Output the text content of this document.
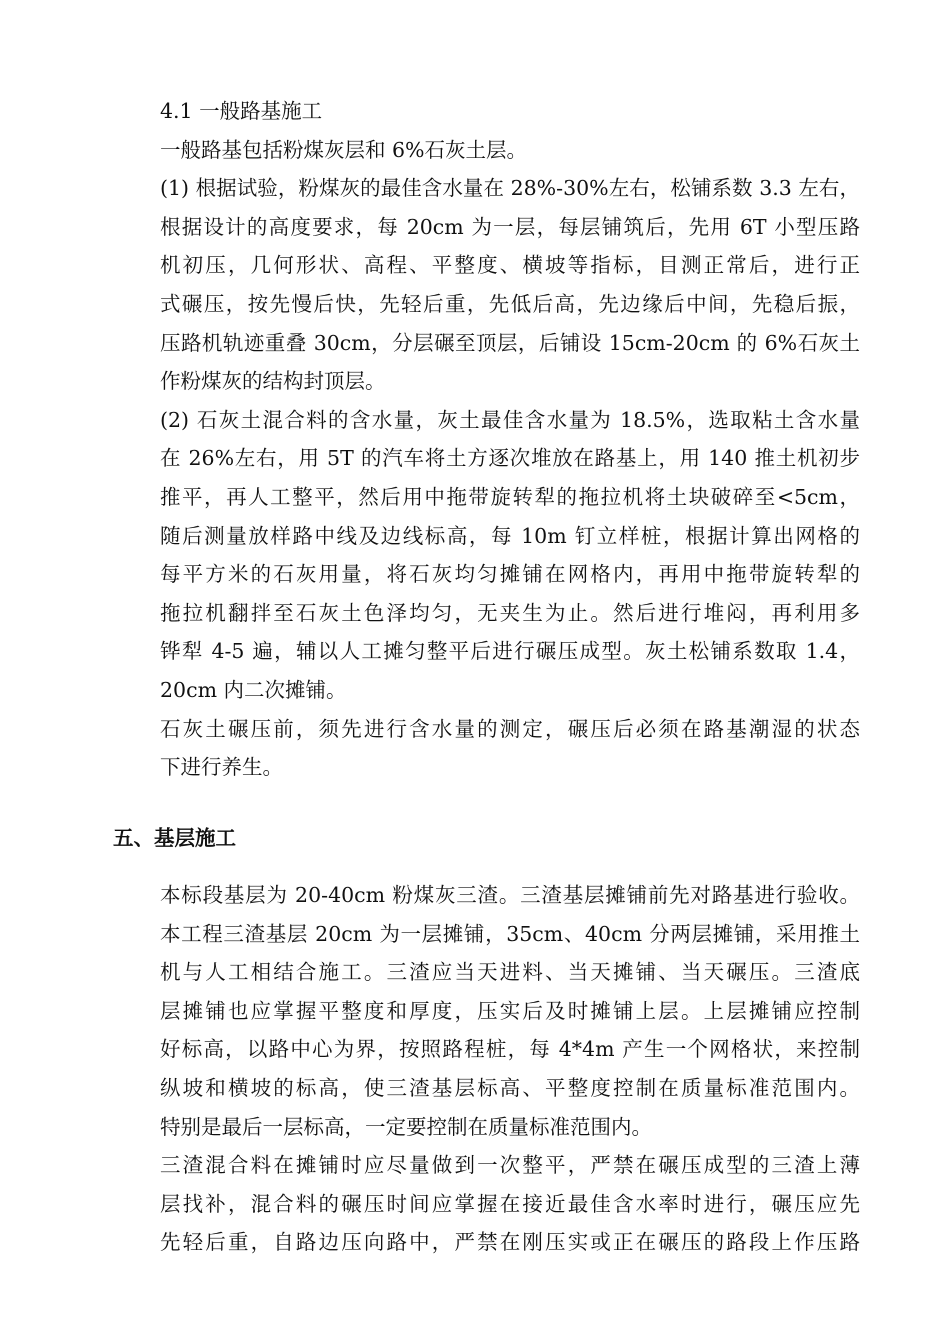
4.1 一般路基施工
一般路基包括粉煤灰层和 6%石灰土层。
(1) 根据试验，粉煤灰的最佳含水量在 28%-30%左右，松铺系数 3.3 左右，
根据设计的高度要求，每 20cm 为一层，每层铺筑后，先用 6T 小型压路
机初压，几何形状、高程、平整度、横坡等指标，目测正常后，进行正
式碾压，按先慢后快，先轻后重，先低后高，先边缘后中间，先稳后振，
压路机轨迹重叠 30cm，分层碾至顶层，后铺设 15cm-20cm 的 6%石灰土
作粉煤灰的结构封顶层。
(2) 石灰土混合料的含水量，灰土最佳含水量为 18.5%，选取粘土含水量
在 26%左右，用 5T 的汽车将土方逐次堆放在路基上，用 140 推土机初步
推平，再人工整平，然后用中拖带旋转犁的拖拉机将土块破碎至<5cm，
随后测量放样路中线及边线标高，每 10m 钉立样桩，根据计算出网格的
每平方米的石灰用量，将石灰均匀摊铺在网格内，再用中拖带旋转犁的
拖拉机翻拌至石灰土色泽均匀，无夹生为止。然后进行堆闷，再利用多
铧犁 4-5 遍，辅以人工摊匀整平后进行碾压成型。灰土松铺系数取 1.4，
20cm 内二次摊铺。
石灰土碾压前，须先进行含水量的测定，碾压后必须在路基潮湿的状态
下进行养生。
五、基层施工
本标段基层为 20-40cm 粉煤灰三渣。三渣基层摊铺前先对路基进行验收。
本工程三渣基层 20cm 为一层摊铺，35cm、40cm 分两层摊铺，采用推土
机与人工相结合施工。三渣应当天进料、当天摊铺、当天碾压。三渣底
层摊铺也应掌握平整度和厚度，压实后及时摊铺上层。上层摊铺应控制
好标高，以路中心为界，按照路程桩，每 4*4m 产生一个网格状，来控制
纵坡和横坡的标高，使三渣基层标高、平整度控制在质量标准范围内。
特别是最后一层标高，一定要控制在质量标准范围内。
三渣混合料在摊铺时应尽量做到一次整平，严禁在碾压成型的三渣上薄
层找补，混合料的碾压时间应掌握在接近最佳含水率时进行，碾压应先
先轻后重，自路边压向路中，严禁在刚压实或正在碾压的路段上作压路
